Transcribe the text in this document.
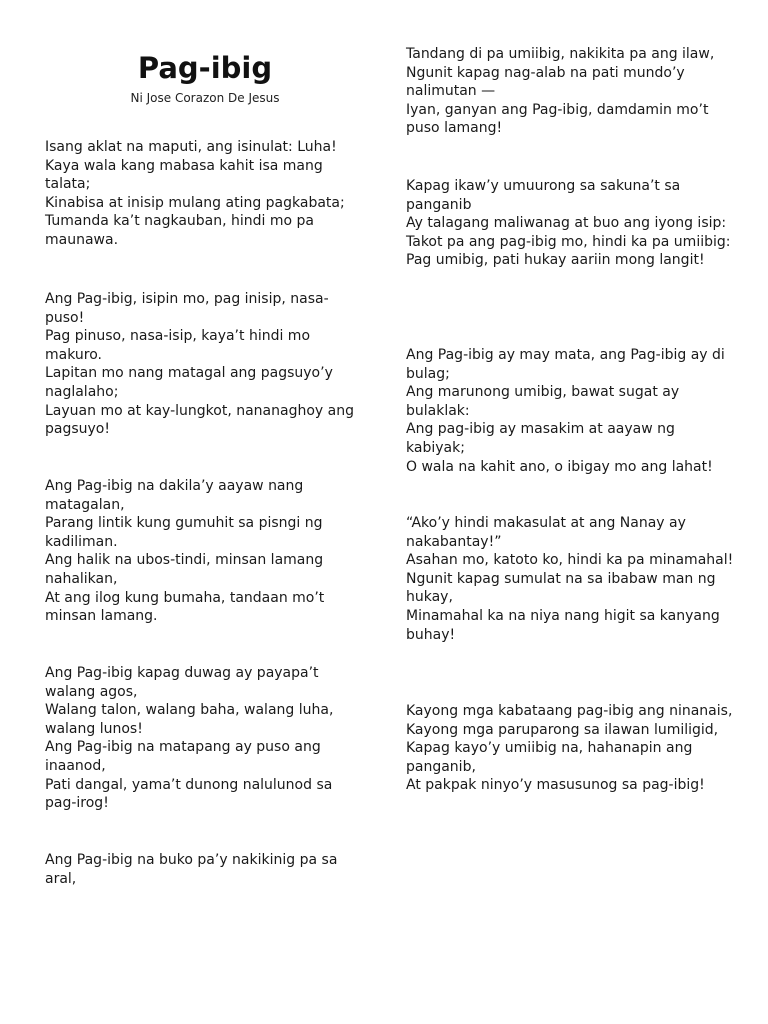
Pag-ibig
Ni Jose Corazon De Jesus
Isang aklat na maputi, ang isinulat: Luha!
Kaya wala kang mabasa kahit isa mang talata;
Kinabisa at inisip mulang ating pagkabata;
Tumanda ka’t nagkauban, hindi mo pa maunawa.
Ang Pag-ibig, isipin mo, pag inisip, nasa-puso!
Pag pinuso, nasa-isip, kaya’t hindi mo makuro.
Lapitan mo nang matagal ang pagsuyo’y naglalaho;
Layuan mo at kay-lungkot, nananaghoy ang pagsuyo!
Ang Pag-ibig na dakila’y aayaw nang matagalan,
Parang lintik kung gumuhit sa pisngi ng kadiliman.
Ang halik na ubos-tindi, minsan lamang nahalikan,
At ang ilog kung bumaha, tandaan mo’t minsan lamang.
Ang Pag-ibig kapag duwag ay payapa’t walang agos,
Walang talon, walang baha, walang luha, walang lunos!
Ang Pag-ibig na matapang ay puso ang inaanod,
Pati dangal, yama’t dunong nalulunod sa pag-irog!
Ang Pag-ibig na buko pa’y nakikinig pa sa aral,
Tandang di pa umiibig, nakikita pa ang ilaw,
Ngunit kapag nag-alab na pati mundo’y nalimutan —
Iyan, ganyan ang Pag-ibig, damdamin mo’t puso lamang!
Kapag ikaw’y umuurong sa sakuna’t sa panganib
Ay talagang maliwanag at buo ang iyong isip:
Takot pa ang pag-ibig mo, hindi ka pa umiibig:
Pag umibig, pati hukay aariin mong langit!
Ang Pag-ibig ay may mata, ang Pag-ibig ay di bulag;
Ang marunong umibig, bawat sugat ay bulaklak:
Ang pag-ibig ay masakim at aayaw ng kabiyak;
O wala na kahit ano, o ibigay mo ang lahat!
“Ako’y hindi makasulat at ang Nanay ay nakabantay!”
Asahan mo, katoto ko, hindi ka pa minamahal!
Ngunit kapag sumulat na sa ibabaw man ng hukay,
Minamahal ka na niya nang higit sa kanyang buhay!
Kayong mga kabataang pag-ibig ang ninanais,
Kayong mga paruparong sa ilawan lumiligid,
Kapag kayo’y umiibig na, hahanapin ang panganib,
At pakpak ninyo’y masusunog sa pag-ibig!
